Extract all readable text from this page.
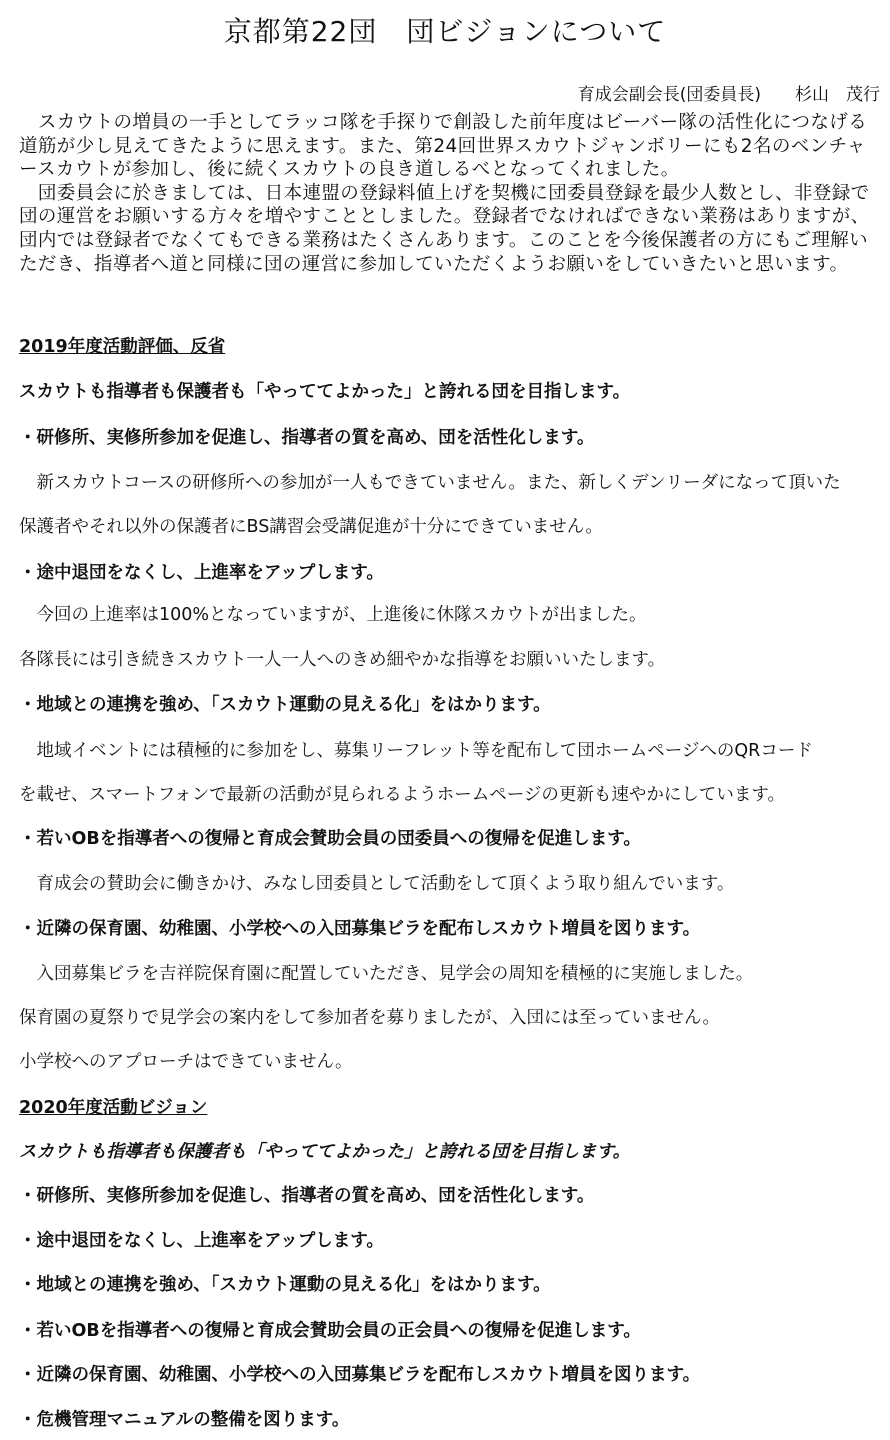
京都第22団　団ビジョンについて
育成会副会長(団委員長)　　杉山　茂行

　スカウトの増員の一手としてラッコ隊を手探りで創設した前年度はビーバー隊の活性化につなげる道筋が少し見えてきたように思えます。また、第24回世界スカウトジャンボリーにも2名のベンチャースカウトが参加し、後に続くスカウトの良き道しるべとなってくれました。

　団委員会に於きましては、日本連盟の登録料値上げを契機に団委員登録を最少人数とし、非登録で団の運営をお願いする方々を増やすこととしました。登録者でなければできない業務はありますが、団内では登録者でなくてもできる業務はたくさんあります。このことを今後保護者の方にもご理解いただき、指導者へ道と同様に団の運営に参加していただくようお願いをしていきたいと思います。

2019年度活動評価、反省
スカウトも指導者も保護者も「やっててよかった」と誇れる団を目指します。
・研修所、実修所参加を促進し、指導者の質を高め、団を活性化します。
　新スカウトコースの研修所への参加が一人もできていません。また、新しくデンリーダになって頂いた
保護者やそれ以外の保護者にBS講習会受講促進が十分にできていません。
・途中退団をなくし、上進率をアップします。
　今回の上進率は100%となっていますが、上進後に休隊スカウトが出ました。
各隊長には引き続きスカウト一人一人へのきめ細やかな指導をお願いいたします。
・地域との連携を強め、「スカウト運動の見える化」をはかります。
　地域イベントには積極的に参加をし、募集リーフレット等を配布して団ホームページへのQRコード
を載せ、スマートフォンで最新の活動が見られるようホームページの更新も速やかにしています。
・若いOBを指導者への復帰と育成会賛助会員の団委員への復帰を促進します。
　育成会の賛助会に働きかけ、みなし団委員として活動をして頂くよう取り組んでいます。
・近隣の保育園、幼稚園、小学校への入団募集ビラを配布しスカウト増員を図ります。
　入団募集ビラを吉祥院保育園に配置していただき、見学会の周知を積極的に実施しました。
保育園の夏祭りで見学会の案内をして参加者を募りましたが、入団には至っていません。
小学校へのアプローチはできていません。
2020年度活動ビジョン
スカウトも指導者も保護者も「やっててよかった」と誇れる団を目指します。
・研修所、実修所参加を促進し、指導者の質を高め、団を活性化します。
・途中退団をなくし、上進率をアップします。
・地域との連携を強め、「スカウト運動の見える化」をはかります。
・若いOBを指導者への復帰と育成会賛助会員の正会員への復帰を促進します。
・近隣の保育園、幼稚園、小学校への入団募集ビラを配布しスカウト増員を図ります。
・危機管理マニュアルの整備を図ります。
